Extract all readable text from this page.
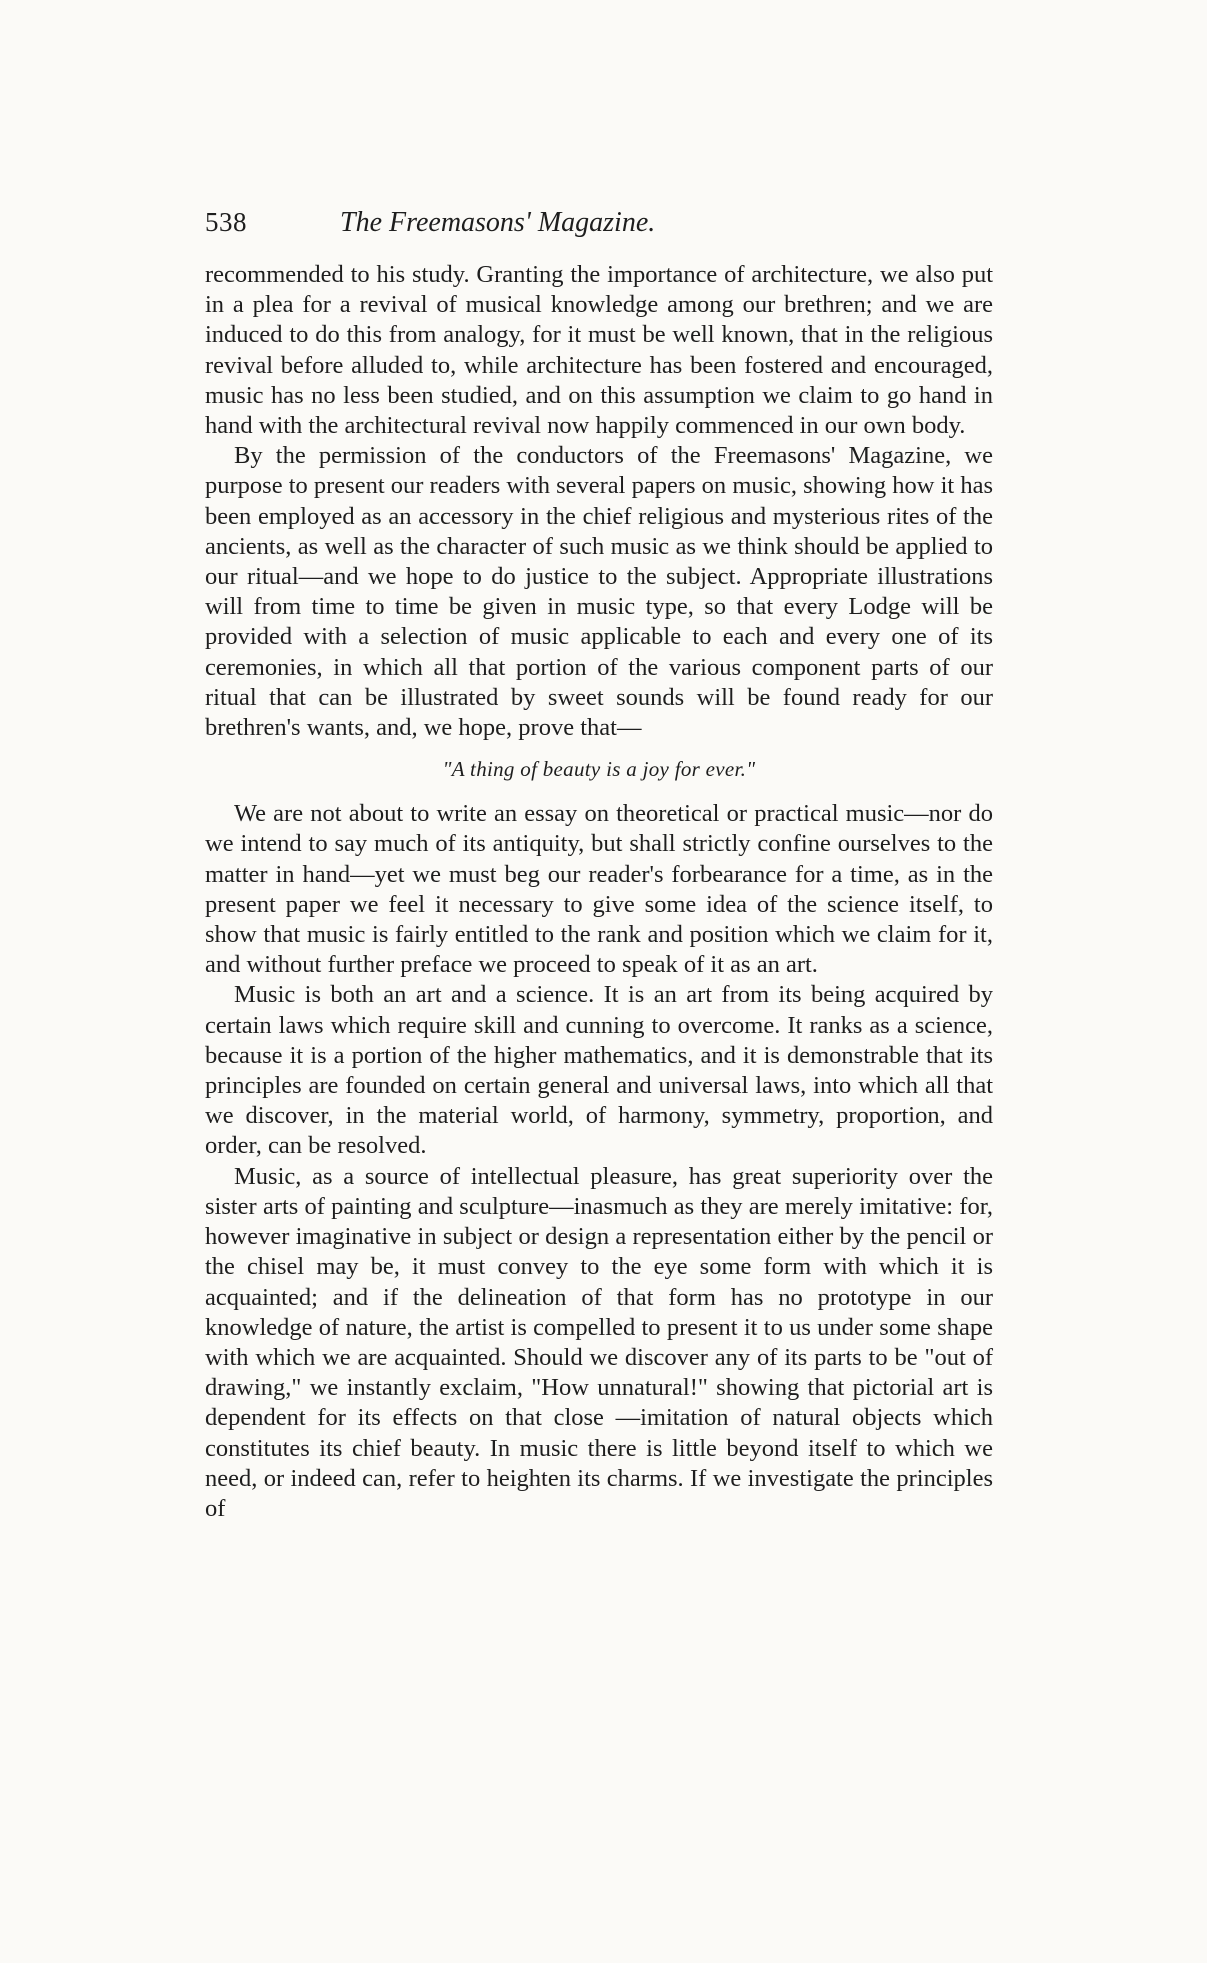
538	The Freemasons' Magazine.

recommended to his study. Granting the importance of architecture, we also put in a plea for a revival of musical knowledge among our brethren; and we are induced to do this from analogy, for it must be well known, that in the religious revival before alluded to, while architecture has been fostered and encouraged, music has no less been studied, and on this assumption we claim to go hand in hand with the architectural revival now happily commenced in our own body.

By the permission of the conductors of the Freemasons' Magazine, we purpose to present our readers with several papers on music, showing how it has been employed as an accessory in the chief religious and mysterious rites of the ancients, as well as the character of such music as we think should be applied to our ritual—and we hope to do justice to the subject. Appropriate illustrations will from time to time be given in music type, so that every Lodge will be provided with a selection of music applicable to each and every one of its ceremonies, in which all that portion of the various component parts of our ritual that can be illustrated by sweet sounds will be found ready for our brethren's wants, and, we hope, prove that—

"A thing of beauty is a joy for ever."

We are not about to write an essay on theoretical or practical music—nor do we intend to say much of its antiquity, but shall strictly confine ourselves to the matter in hand—yet we must beg our reader's forbearance for a time, as in the present paper we feel it necessary to give some idea of the science itself, to show that music is fairly entitled to the rank and position which we claim for it, and without further preface we proceed to speak of it as an art.

Music is both an art and a science. It is an art from its being acquired by certain laws which require skill and cunning to overcome. It ranks as a science, because it is a portion of the higher mathematics, and it is demonstrable that its principles are founded on certain general and universal laws, into which all that we discover, in the material world, of harmony, symmetry, proportion, and order, can be resolved.

Music, as a source of intellectual pleasure, has great superiority over the sister arts of painting and sculpture—inasmuch as they are merely imitative: for, however imaginative in subject or design a representation either by the pencil or the chisel may be, it must convey to the eye some form with which it is acquainted; and if the delineation of that form has no prototype in our knowledge of nature, the artist is compelled to present it to us under some shape with which we are acquainted. Should we discover any of its parts to be "out of drawing," we instantly exclaim, "How unnatural!" showing that pictorial art is dependent for its effects on that close —imitation of natural objects which constitutes its chief beauty. In music there is little beyond itself to which we need, or indeed can, refer to heighten its charms. If we investigate the principles of
